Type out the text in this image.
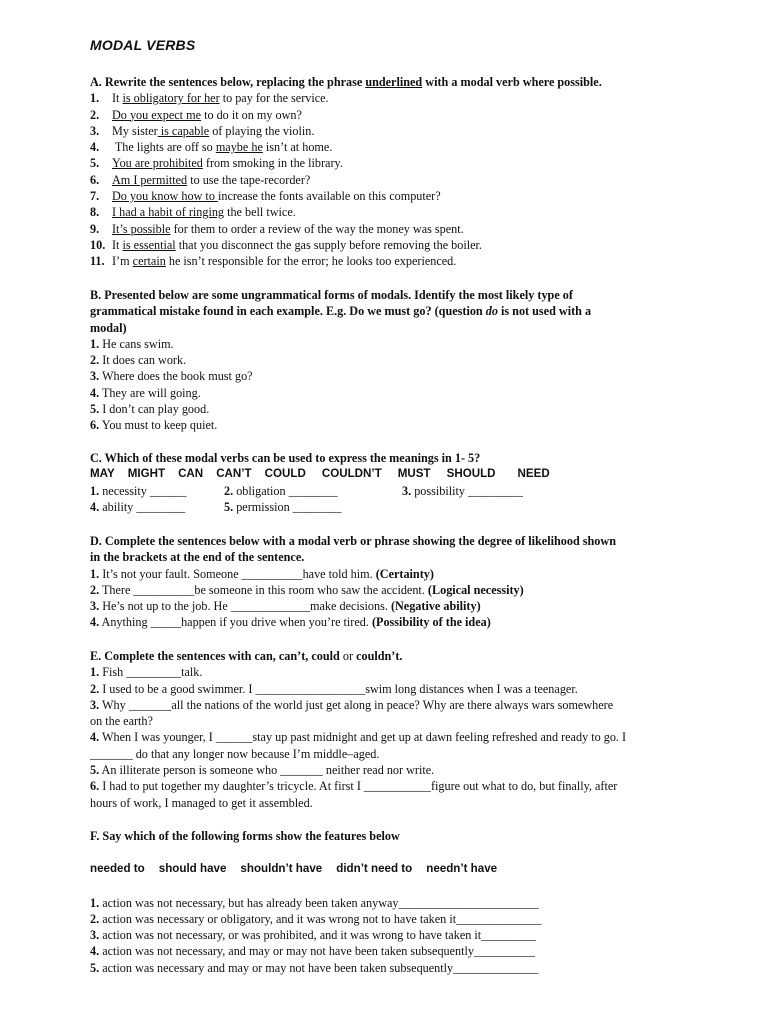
MODAL VERBS
A. Rewrite the sentences below, replacing the phrase underlined with a modal verb where possible.
1. It is obligatory for her to pay for the service.
2. Do you expect me to do it on my own?
3. My sister is capable of playing the violin.
4. The lights are off so maybe he isn’t at home.
5. You are prohibited from smoking in the library.
6. Am I permitted to use the tape-recorder?
7. Do you know how to increase the fonts available on this computer?
8. I had a habit of ringing the bell twice.
9. It’s possible for them to order a review of the way the money was spent.
10. It is essential that you disconnect the gas supply before removing the boiler.
11. I’m certain he isn’t responsible for the error; he looks too experienced.
B. Presented below are some ungrammatical forms of modals. Identify the most likely type of
grammatical mistake found in each example. E.g. Do we must go? (question do is not used with a
modal)
1. He cans swim.
2. It does can work.
3. Where does the book must go?
4. They are will going.
5. I don’t can play good.
6. You must to keep quiet.
C. Which of these modal verbs can be used to express the meanings in 1- 5?
MAY MIGHT CAN CAN’T COULD COULDN’T MUST SHOULD NEED
1. necessity ______	2. obligation ________	3. possibility _________
4. ability ________	5. permission ________
D. Complete the sentences below with a modal verb or phrase showing the degree of likelihood shown
in the brackets at the end of the sentence.
1. It’s not your fault. Someone __________have told him. (Certainty)
2. There __________be someone in this room who saw the accident. (Logical necessity)
3. He’s not up to the job. He _____________make decisions. (Negative ability)
4. Anything _____happen if you drive when you’re tired. (Possibility of the idea)
E. Complete the sentences with can, can’t, could or couldn’t.
1. Fish _________talk.
2. I used to be a good swimmer. I __________________swim long distances when I was a teenager.
3. Why _______all the nations of the world just get along in peace? Why are there always wars somewhere
on the earth?
4. When I was younger, I ______stay up past midnight and get up at dawn feeling refreshed and ready to go. I
_______ do that any longer now because I’m middle–aged.
5. An illiterate person is someone who _______ neither read nor write.
6. I had to put together my daughter’s tricycle. At first I ___________figure out what to do, but finally, after
hours of work, I managed to get it assembled.
F. Say which of the following forms show the features below
needed to should have shouldn’t have didn’t need to needn’t have
1. action was not necessary, but has already been taken anyway_______________________
2. action was necessary or obligatory, and it was wrong not to have taken it______________
3. action was not necessary, or was prohibited, and it was wrong to have taken it_________
4. action was not necessary, and may or may not have been taken subsequently__________
5. action was necessary and may or may not have been taken subsequently______________
